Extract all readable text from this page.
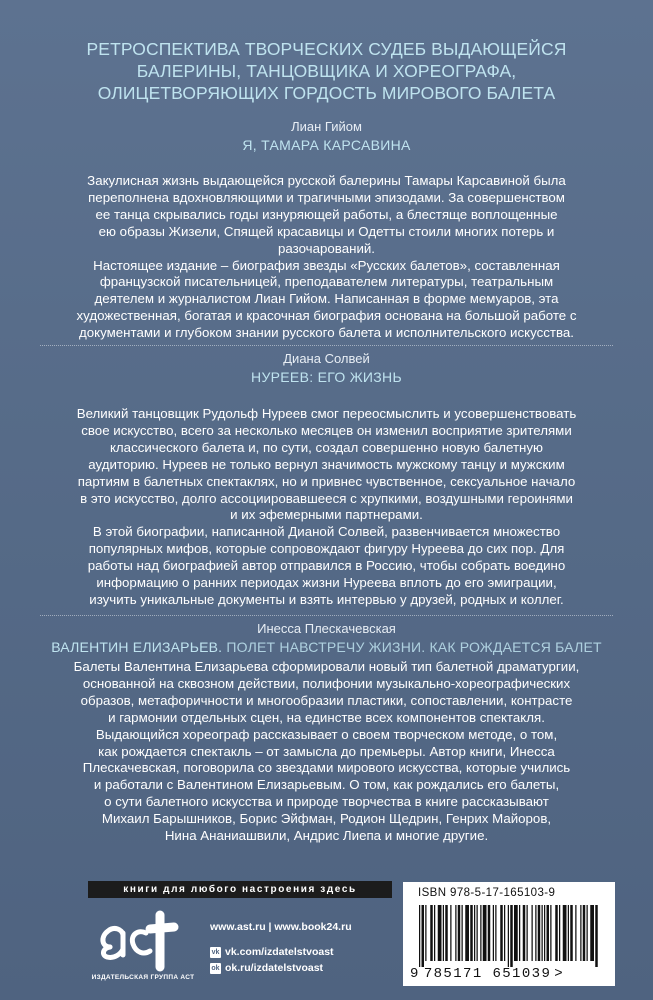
РЕТРОСПЕКТИВА ТВОРЧЕСКИХ СУДЕБ ВЫДАЮЩЕЙСЯ
БАЛЕРИНЫ, ТАНЦОВЩИКА И ХОРЕОГРАФА,
ОЛИЦЕТВОРЯЮЩИХ ГОРДОСТЬ МИРОВОГО БАЛЕТА
Лиан Гийом
Я, ТАМАРА КАРСАВИНА

Закулисная жизнь выдающейся русской балерины Тамары Карсавиной была
переполнена вдохновляющими и трагичными эпизодами. За совершенством
ее танца скрывались годы изнуряющей работы, а блестяще воплощенные
ею образы Жизели, Спящей красавицы и Одетты стоили многих потерь и
разочарований.
Настоящее издание – биография звезды «Русских балетов», составленная
французской писательницей, преподавателем литературы, театральным
деятелем и журналистом Лиан Гийом. Написанная в форме мемуаров, эта
художественная, богатая и красочная биография основана на большой работе с
документами и глубоком знании русского балета и исполнительского искусства.

Диана Солвей
НУРЕЕВ: ЕГО ЖИЗНЬ

Великий танцовщик Рудольф Нуреев смог переосмыслить и усовершенствовать
свое искусство, всего за несколько месяцев он изменил восприятие зрителями
классического балета и, по сути, создал совершенно новую балетную
аудиторию. Нуреев не только вернул значимость мужскому танцу и мужским
партиям в балетных спектаклях, но и привнес чувственное, сексуальное начало
в это искусство, долго ассоциировавшееся с хрупкими, воздушными героинями
и их эфемерными партнерами.
В этой биографии, написанной Дианой Солвей, развенчивается множество
популярных мифов, которые сопровождают фигуру Нуреева до сих пор. Для
работы над биографией автор отправился в Россию, чтобы собрать воедино
информацию о ранних периодах жизни Нуреева вплоть до его эмиграции,
изучить уникальные документы и взять интервью у друзей, родных и коллег.

Инесса Плескачевская
ВАЛЕНТИН ЕЛИЗАРЬЕВ. ПОЛЕТ НАВСТРЕЧУ ЖИЗНИ. КАК РОЖДАЕТСЯ БАЛЕТ

Балеты Валентина Елизарьева сформировали новый тип балетной драматургии,
основанной на сквозном действии, полифонии музыкально-хореографических
образов, метафоричности и многообразии пластики, сопоставлении, контрасте
и гармонии отдельных сцен, на единстве всех компонентов спектакля.
Выдающийся хореограф рассказывает о своем творческом методе, о том,
как рождается спектакль – от замысла до премьеры. Автор книги, Инесса
Плескачевская, поговорила со звездами мирового искусства, которые учились
и работали с Валентином Елизарьевым. О том, как рождались его балеты,
о сути балетного искусства и природе творчества в книге рассказывают
Михаил Барышников, Борис Эйфман, Родион Щедрин, Генрих Майоров,
Нина Ананиашвили, Андрис Лиепа и многие другие.

книги для любого настроения здесь
ИЗДАТЕЛЬСКАЯ ГРУППА АСТ
www.ast.ru | www.book24.ru
vk vk.com/izdatelstvoast
ok ok.ru/izdatelstvoast
ISBN 978-5-17-165103-9
9 785171 651039 >
